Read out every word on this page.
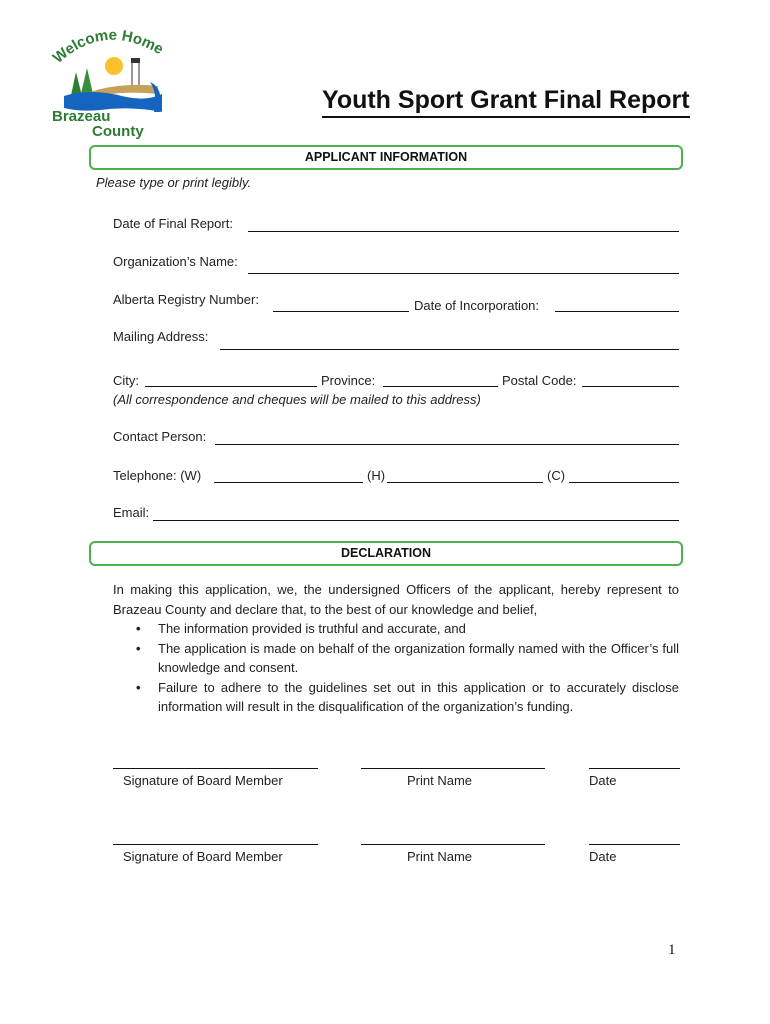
Welcome Home
Brazeau
County
Youth Sport Grant Final Report
APPLICANT INFORMATION
Please type or print legibly.
Date of Final Report:
Organization’s Name:
Alberta Registry Number:	Date of Incorporation:
Mailing Address:
City:	Province:	Postal Code:
(All correspondence and cheques will be mailed to this address)
Contact Person:
Telephone: (W)	(H)	(C)
Email:
DECLARATION

In making this application, we, the undersigned Officers of the applicant, hereby represent to Brazeau County and declare that, to the best of our knowledge and belief,

• The information provided is truthful and accurate, and
• The application is made on behalf of the organization formally named with the Officer’s full knowledge and consent.
• Failure to adhere to the guidelines set out in this application or to accurately disclose information will result in the disqualification of the organization’s funding.
Signature of Board Member	Print Name	Date
Signature of Board Member	Print Name	Date
1
